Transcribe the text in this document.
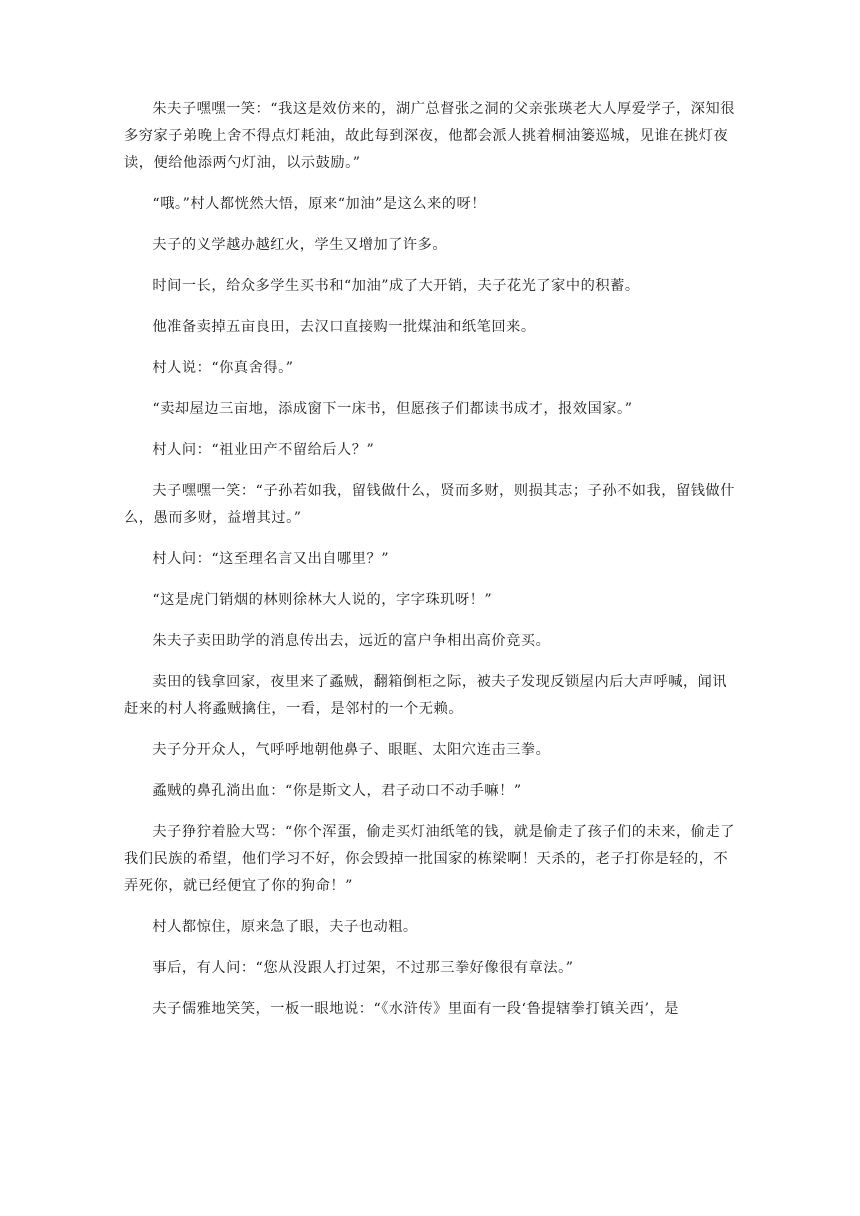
朱夫子嘿嘿一笑：“我这是效仿来的，湖广总督张之洞的父亲张瑛老大人厚爱学子，深知很多穷家子弟晚上舍不得点灯耗油，故此每到深夜，他都会派人挑着桐油篓巡城，见谁在挑灯夜读，便给他添两勺灯油，以示鼓励。”

“哦。”村人都恍然大悟，原来“加油”是这么来的呀！

夫子的义学越办越红火，学生又增加了许多。

时间一长，给众多学生买书和“加油”成了大开销，夫子花光了家中的积蓄。

他准备卖掉五亩良田，去汉口直接购一批煤油和纸笔回来。

村人说：“你真舍得。”

“卖却屋边三亩地，添成窗下一床书，但愿孩子们都读书成才，报效国家。”

村人问：“祖业田产不留给后人？”

夫子嘿嘿一笑：“子孙若如我，留钱做什么，贤而多财，则损其志；子孙不如我，留钱做什么，愚而多财，益增其过。”

村人问：“这至理名言又出自哪里？”

“这是虎门销烟的林则徐林大人说的，字字珠玑呀！”

朱夫子卖田助学的消息传出去，远近的富户争相出高价竞买。

卖田的钱拿回家，夜里来了蟊贼，翻箱倒柜之际，被夫子发现反锁屋内后大声呼喊，闻讯赶来的村人将蟊贼擒住，一看，是邻村的一个无赖。

夫子分开众人，气呼呼地朝他鼻子、眼眶、太阳穴连击三拳。

蟊贼的鼻孔淌出血：“你是斯文人，君子动口不动手嘛！”

夫子狰狞着脸大骂：“你个浑蛋，偷走买灯油纸笔的钱，就是偷走了孩子们的未来，偷走了我们民族的希望，他们学习不好，你会毁掉一批国家的栋梁啊！天杀的，老子打你是轻的，不弄死你，就已经便宜了你的狗命！”

村人都惊住，原来急了眼，夫子也动粗。

事后，有人问：“您从没跟人打过架，不过那三拳好像很有章法。”

夫子儒雅地笑笑，一板一眼地说：“《水浒传》里面有一段‘鲁提辖拳打镇关西’，是
